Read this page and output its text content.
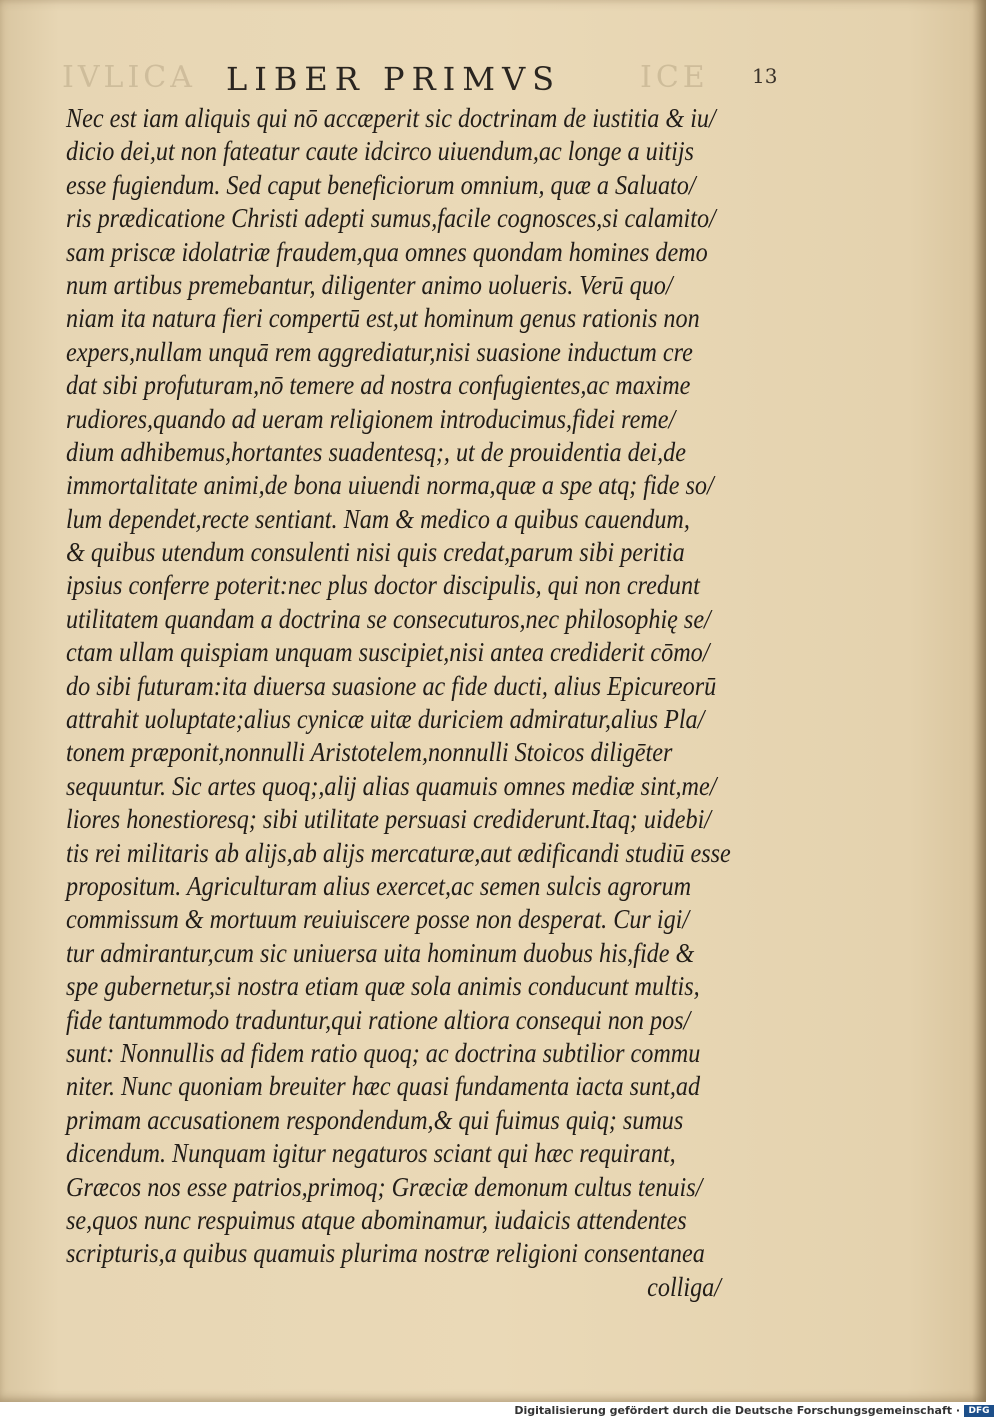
IVLICA	ICE
LIBER PRIMVS	13
Nec est iam aliquis qui nō accæperit sic doctrinam de iustitia & iu/
dicio dei,ut non fateatur caute idcirco uiuendum,ac longe a uitijs
esse fugiendum. Sed caput beneficiorum omnium, quæ a Saluato/
ris prædicatione Christi adepti sumus,facile cognosces,si calamito/
sam priscæ idolatriæ fraudem,qua omnes quondam homines demo
num artibus premebantur, diligenter animo uolueris. Verū quo/
niam ita natura fieri compertū est,ut hominum genus rationis non
expers,nullam unquā rem aggrediatur,nisi suasione inductum cre
dat sibi profuturam,nō temere ad nostra confugientes,ac maxime
rudiores,quando ad ueram religionem introducimus,fidei reme/
dium adhibemus,hortantes suadentesq;, ut de prouidentia dei,de
immortalitate animi,de bona uiuendi norma,quæ a spe atq; fide so/
lum dependet,recte sentiant. Nam & medico a quibus cauendum,
& quibus utendum consulenti nisi quis credat,parum sibi peritia
ipsius conferre poterit:nec plus doctor discipulis, qui non credunt
utilitatem quandam a doctrina se consecuturos,nec philosophię se/
ctam ullam quispiam unquam suscipiet,nisi antea crediderit cōmo/
do sibi futuram:ita diuersa suasione ac fide ducti, alius Epicureorū
attrahit uoluptate;alius cynicæ uitæ duriciem admiratur,alius Pla/
tonem præponit,nonnulli Aristotelem,nonnulli Stoicos diligēter
sequuntur. Sic artes quoq;,alij alias quamuis omnes mediæ sint,me/
liores honestioresq; sibi utilitate persuasi crediderunt.Itaq; uidebi/
tis rei militaris ab alijs,ab alijs mercaturæ,aut ædificandi studiū esse
propositum. Agriculturam alius exercet,ac semen sulcis agrorum
commissum & mortuum reuiuiscere posse non desperat. Cur igi/
tur admirantur,cum sic uniuersa uita hominum duobus his,fide &
spe gubernetur,si nostra etiam quæ sola animis conducunt multis,
fide tantummodo traduntur,qui ratione altiora consequi non pos/
sunt: Nonnullis ad fidem ratio quoq; ac doctrina subtilior commu
niter. Nunc quoniam breuiter hæc quasi fundamenta iacta sunt,ad
primam accusationem respondendum,& qui fuimus quiq; sumus
dicendum. Nunquam igitur negaturos sciant qui hæc requirant,
Græcos nos esse patrios,primoq; Græciæ demonum cultus tenuis/
se,quos nunc respuimus atque abominamur, iudaicis attendentes
scripturis,a quibus quamuis plurima nostræ religioni consentanea
colliga/
Digitalisierung gefördert durch die Deutsche Forschungsgemeinschaft · DFG
